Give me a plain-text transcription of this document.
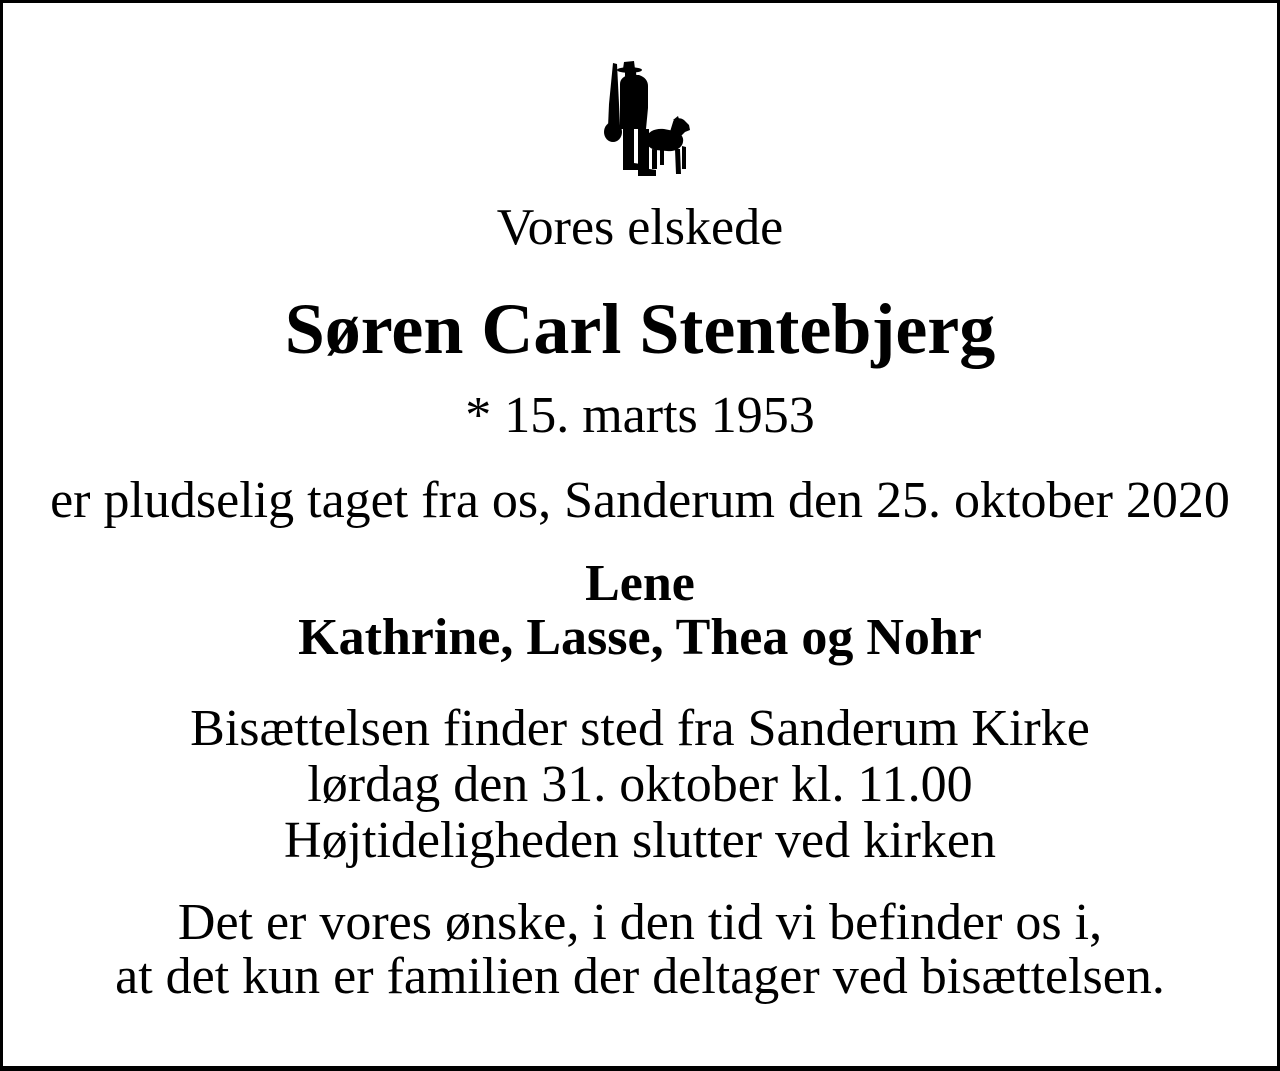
Vores elskede
Søren Carl Stentebjerg
* 15. marts 1953
er pludselig taget fra os, Sanderum den 25. oktober 2020
Lene
Kathrine, Lasse, Thea og Nohr
Bisættelsen finder sted fra Sanderum Kirke
lørdag den 31. oktober kl. 11.00
Højtideligheden slutter ved kirken
Det er vores ønske, i den tid vi befinder os i,
at det kun er familien der deltager ved bisættelsen.
